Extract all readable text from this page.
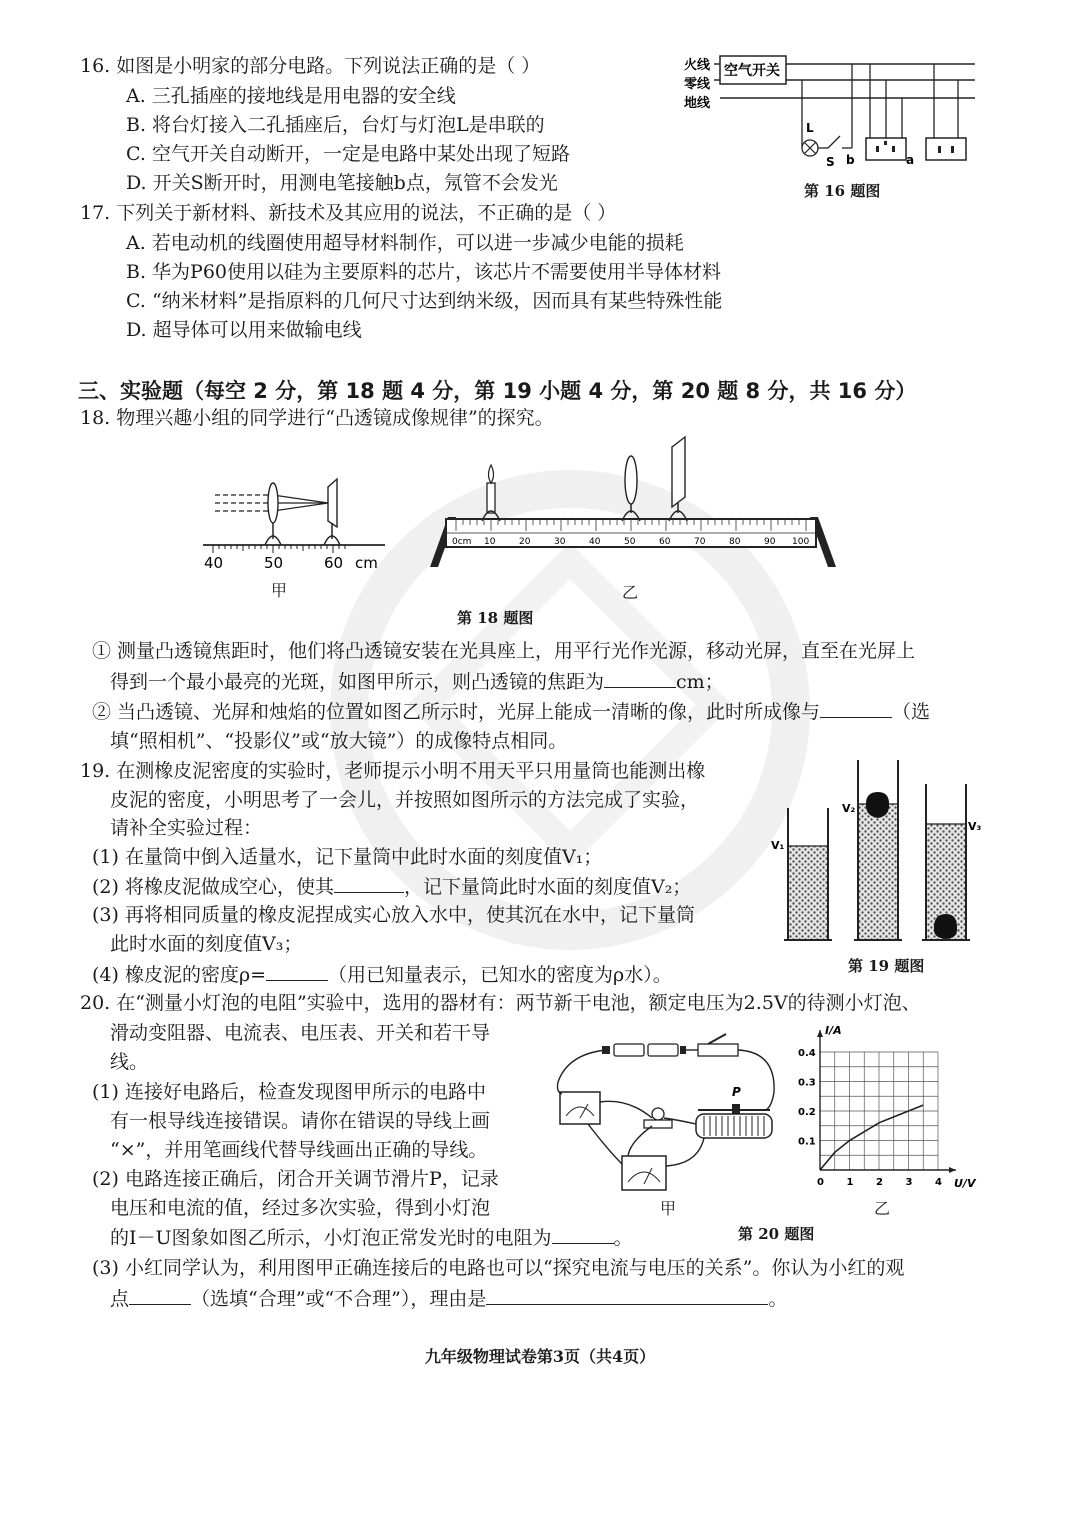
16. 如图是小明家的部分电路。下列说法正确的是（ ）
A. 三孔插座的接地线是用电器的安全线
B. 将台灯接入二孔插座后，台灯与灯泡L是串联的
C. 空气开关自动断开，一定是电路中某处出现了短路
D. 开关S断开时，用测电笔接触b点，氖管不会发光
火线
零线
地线
空气开关
L
S b	a
第 16 题图
17. 下列关于新材料、新技术及其应用的说法，不正确的是（ ）
A. 若电动机的线圈使用超导材料制作，可以进一步减少电能的损耗
B. 华为P60使用以硅为主要原料的芯片，该芯片不需要使用半导体材料
C. “纳米材料”是指原料的几何尺寸达到纳米级，因而具有某些特殊性能
D. 超导体可以用来做输电线
三、实验题（每空 2 分，第 18 题 4 分，第 19 小题 4 分，第 20 题 8 分，共 16 分）
18. 物理兴趣小组的同学进行“凸透镜成像规律”的探究。
40	50	60 cm
甲
0cm 10	20	30	40	50	60	70	80	90 100
乙
第 18 题图
① 测量凸透镜焦距时，他们将凸透镜安装在光具座上，用平行光作光源，移动光屏，直至在光屏上
得到一个最小最亮的光斑，如图甲所示，则凸透镜的焦距为	cm；
② 当凸透镜、光屏和烛焰的位置如图乙所示时，光屏上能成一清晰的像，此时所成像与	（选
填“照相机”、“投影仪”或“放大镜”）的成像特点相同。
19. 在测橡皮泥密度的实验时，老师提示小明不用天平只用量筒也能测出橡
皮泥的密度，小明思考了一会儿，并按照如图所示的方法完成了实验，
请补全实验过程：
(1) 在量筒中倒入适量水，记下量筒中此时水面的刻度值V₁；
(2) 将橡皮泥做成空心，使其	，记下量筒此时水面的刻度值V₂；
(3) 再将相同质量的橡皮泥捏成实心放入水中，使其沉在水中，记下量筒
此时水面的刻度值V₃；
(4) 橡皮泥的密度ρ=	（用已知量表示，已知水的密度为ρ水）。
V₁
V₂
V₃
第 19 题图
20. 在“测量小灯泡的电阻”实验中，选用的器材有：两节新干电池，额定电压为2.5V的待测小灯泡、
滑动变阻器、电流表、电压表、开关和若干导
线。
(1) 连接好电路后，检查发现图甲所示的电路中
有一根导线连接错误。请你在错误的导线上画
“×”，并用笔画线代替导线画出正确的导线。
(2) 电路连接正确后，闭合开关调节滑片P，记录
电压和电流的值，经过多次实验，得到小灯泡
的I－U图象如图乙所示，小灯泡正常发光时的电阻为	。
(3) 小红同学认为，利用图甲正确连接后的电路也可以“探究电流与电压的关系”。你认为小红的观
点	（选填“合理”或“不合理”），理由是	。
P
甲
I/A
U/V
0 1 2 3 4
0.1
0.2
0.3
0.4
乙
第 20 题图
九年级物理试卷第3页（共4页）
